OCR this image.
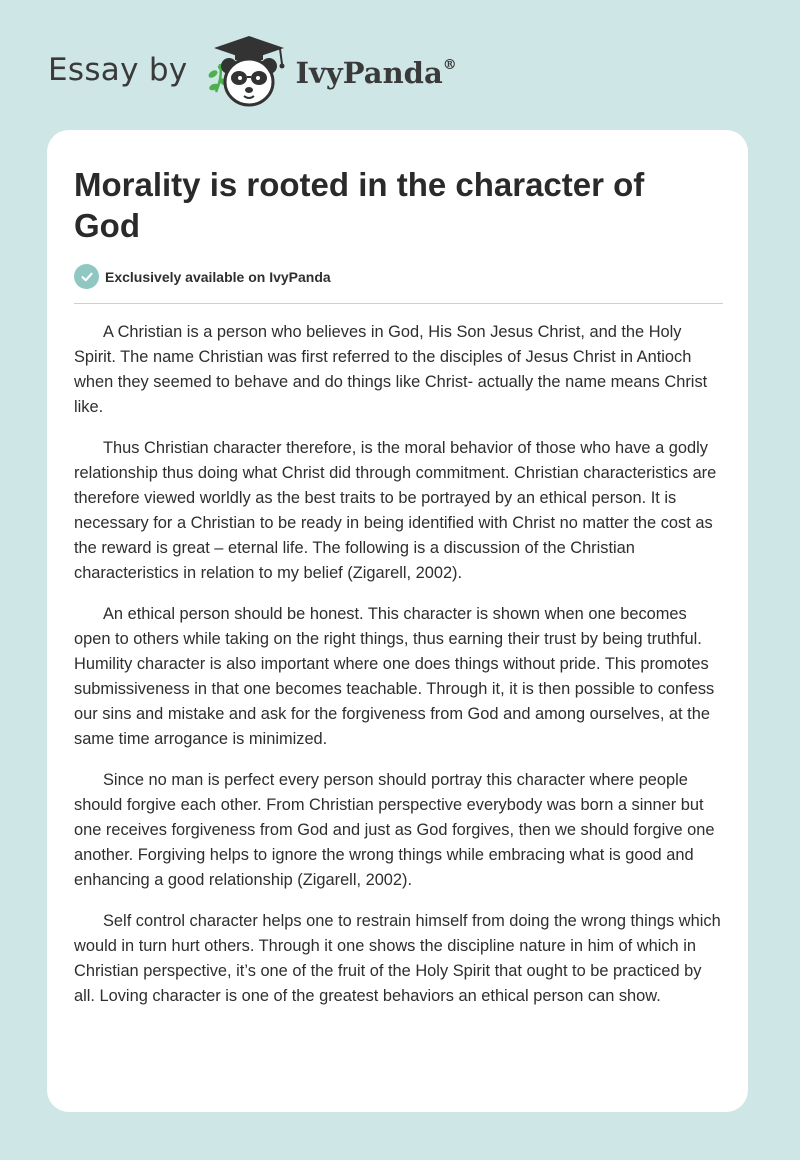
Essay by	IvyPanda®
Morality is rooted in the character of God
Exclusively available on IvyPanda

A Christian is a person who believes in God, His Son Jesus Christ, and the Holy Spirit. The name Christian was first referred to the disciples of Jesus Christ in Antioch when they seemed to behave and do things like Christ- actually the name means Christ like.

Thus Christian character therefore, is the moral behavior of those who have a godly relationship thus doing what Christ did through commitment. Christian characteristics are therefore viewed worldly as the best traits to be portrayed by an ethical person. It is necessary for a Christian to be ready in being identified with Christ no matter the cost as the reward is great – eternal life. The following is a discussion of the Christian characteristics in relation to my belief (Zigarell, 2002).

An ethical person should be honest. This character is shown when one becomes open to others while taking on the right things, thus earning their trust by being truthful. Humility character is also important where one does things without pride. This promotes submissiveness in that one becomes teachable. Through it, it is then possible to confess our sins and mistake and ask for the forgiveness from God and among ourselves, at the same time arrogance is minimized.

Since no man is perfect every person should portray this character where people should forgive each other. From Christian perspective everybody was born a sinner but one receives forgiveness from God and just as God forgives, then we should forgive one another. Forgiving helps to ignore the wrong things while embracing what is good and enhancing a good relationship (Zigarell, 2002).

Self control character helps one to restrain himself from doing the wrong things which would in turn hurt others. Through it one shows the discipline nature in him of which in Christian perspective, it’s one of the fruit of the Holy Spirit that ought to be practiced by all. Loving character is one of the greatest behaviors an ethical person can show.
